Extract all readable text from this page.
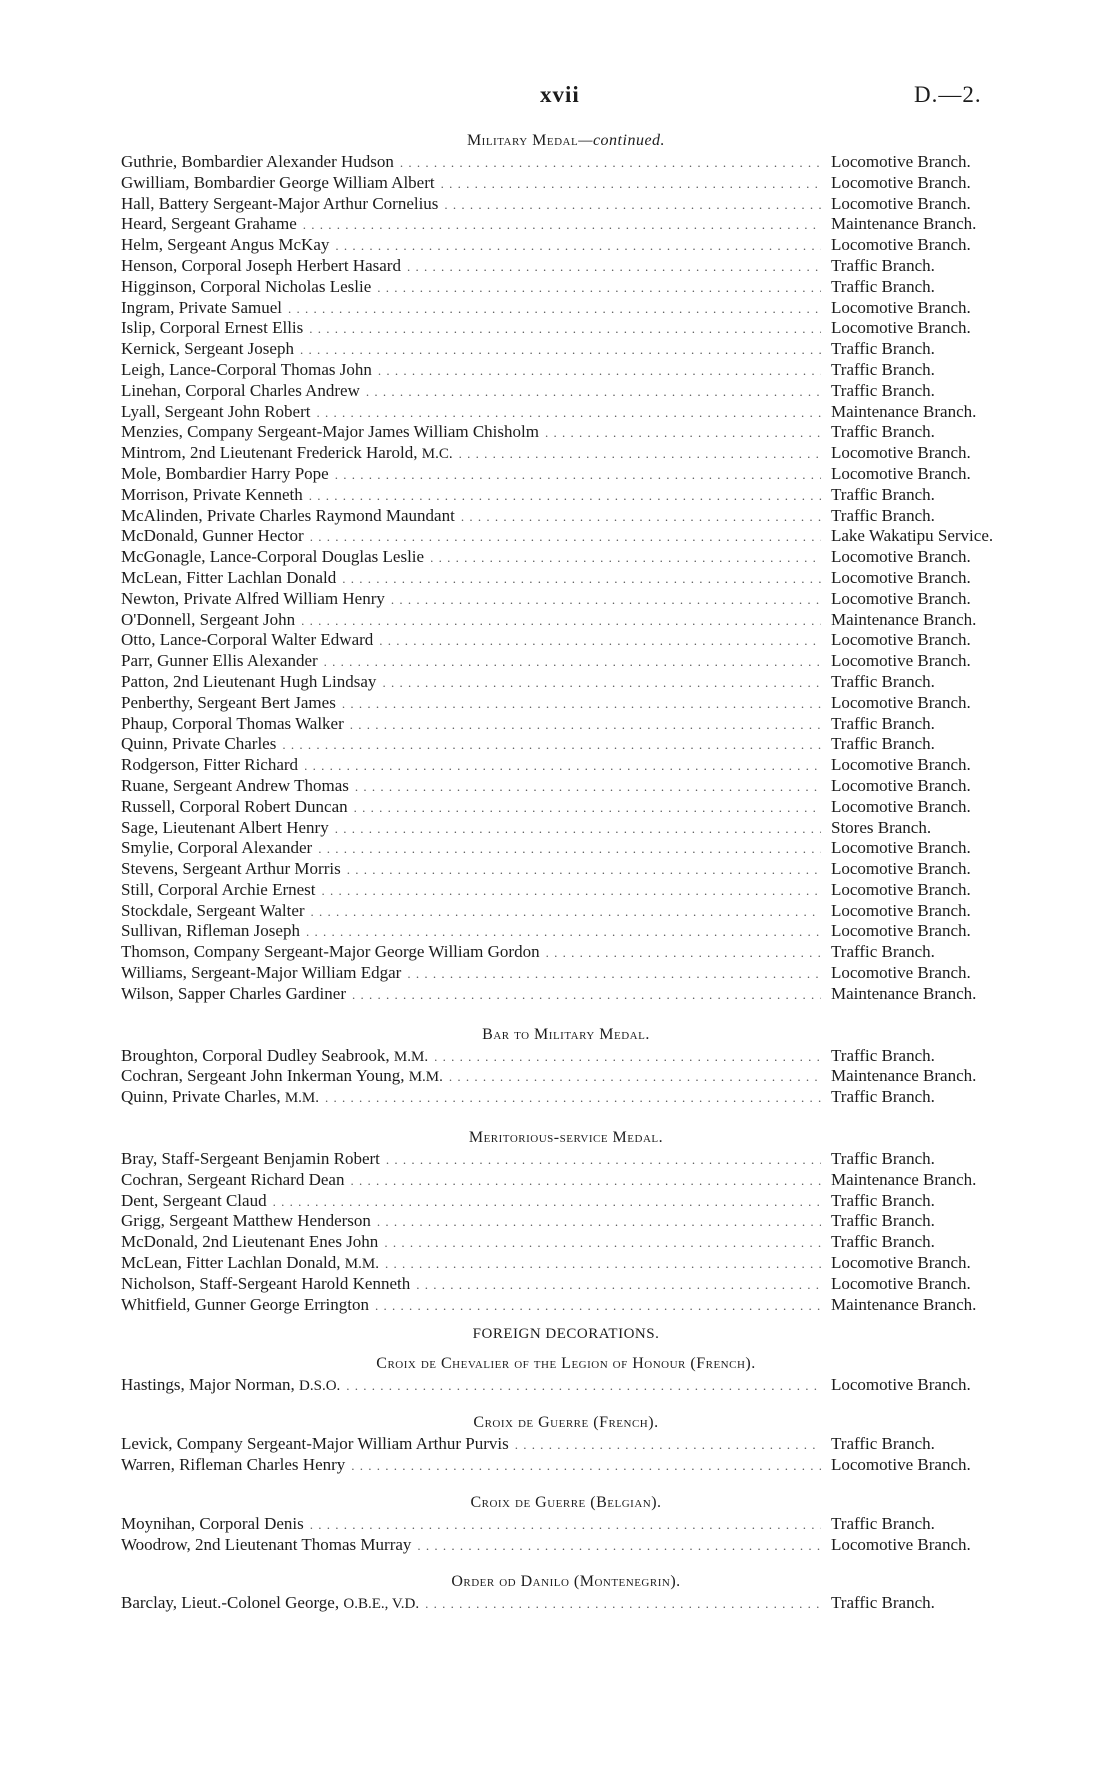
xvii	D.—2.
Military Medal—continued.
Guthrie, Bombardier Alexander Hudson . . .	Locomotive Branch.
Gwilliam, Bombardier George William Albert . . .	Locomotive Branch.
Hall, Battery Sergeant-Major Arthur Cornelius . . .	Locomotive Branch.
Heard, Sergeant Grahame . . .	Maintenance Branch.
Helm, Sergeant Angus McKay . . .	Locomotive Branch.
Henson, Corporal Joseph Herbert Hasard . . .	Traffic Branch.
Higginson, Corporal Nicholas Leslie . . .	Traffic Branch.
Ingram, Private Samuel . . .	Locomotive Branch.
Islip, Corporal Ernest Ellis . . .	Locomotive Branch.
Kernick, Sergeant Joseph . . .	Traffic Branch.
Leigh, Lance-Corporal Thomas John . . .	Traffic Branch.
Linehan, Corporal Charles Andrew . . .	Traffic Branch.
Lyall, Sergeant John Robert . . .	Maintenance Branch.
Menzies, Company Sergeant-Major James William Chisholm . . .	Traffic Branch.
Mintrom, 2nd Lieutenant Frederick Harold, M.C. . . .	Locomotive Branch.
Mole, Bombardier Harry Pope . . .	Locomotive Branch.
Morrison, Private Kenneth . . .	Traffic Branch.
McAlinden, Private Charles Raymond Maundant . . .	Traffic Branch.
McDonald, Gunner Hector . . .	Lake Wakatipu Service.
McGonagle, Lance-Corporal Douglas Leslie . . .	Locomotive Branch.
McLean, Fitter Lachlan Donald . . .	Locomotive Branch.
Newton, Private Alfred William Henry . . .	Locomotive Branch.
O'Donnell, Sergeant John . . .	Maintenance Branch.
Otto, Lance-Corporal Walter Edward . . .	Locomotive Branch.
Parr, Gunner Ellis Alexander . . .	Locomotive Branch.
Patton, 2nd Lieutenant Hugh Lindsay . . .	Traffic Branch.
Penberthy, Sergeant Bert James . . .	Locomotive Branch.
Phaup, Corporal Thomas Walker . . .	Traffic Branch.
Quinn, Private Charles . . .	Traffic Branch.
Rodgerson, Fitter Richard . . .	Locomotive Branch.
Ruane, Sergeant Andrew Thomas . . .	Locomotive Branch.
Russell, Corporal Robert Duncan . . .	Locomotive Branch.
Sage, Lieutenant Albert Henry . . .	Stores Branch.
Smylie, Corporal Alexander . . .	Locomotive Branch.
Stevens, Sergeant Arthur Morris . . .	Locomotive Branch.
Still, Corporal Archie Ernest . . .	Locomotive Branch.
Stockdale, Sergeant Walter . . .	Locomotive Branch.
Sullivan, Rifleman Joseph . . .	Locomotive Branch.
Thomson, Company Sergeant-Major George William Gordon . . .	Traffic Branch.
Williams, Sergeant-Major William Edgar . . .	Locomotive Branch.
Wilson, Sapper Charles Gardiner . . .	Maintenance Branch.
Bar to Military Medal.
Broughton, Corporal Dudley Seabrook, M.M. . . .	Traffic Branch.
Cochran, Sergeant John Inkerman Young, M.M. . . .	Maintenance Branch.
Quinn, Private Charles, M.M. . . .	Traffic Branch.
Meritorious-service Medal.
Bray, Staff-Sergeant Benjamin Robert . . .	Traffic Branch.
Cochran, Sergeant Richard Dean . . .	Maintenance Branch.
Dent, Sergeant Claud . . .	Traffic Branch.
Grigg, Sergeant Matthew Henderson . . .	Traffic Branch.
McDonald, 2nd Lieutenant Enes John . . .	Traffic Branch.
McLean, Fitter Lachlan Donald, M.M. . . .	Locomotive Branch.
Nicholson, Staff-Sergeant Harold Kenneth . . .	Locomotive Branch.
Whitfield, Gunner George Errington . . .	Maintenance Branch.
FOREIGN DECORATIONS.
Croix de Chevalier of the Legion of Honour (French).
Hastings, Major Norman, D.S.O. . . .	Locomotive Branch.
Croix de Guerre (French).
Levick, Company Sergeant-Major William Arthur Purvis . . .	Traffic Branch.
Warren, Rifleman Charles Henry . . .	Locomotive Branch.
Croix de Guerre (Belgian).
Moynihan, Corporal Denis . . .	Traffic Branch.
Woodrow, 2nd Lieutenant Thomas Murray . . .	Locomotive Branch.
Order od Danilo (Montenegrin).
Barclay, Lieut.-Colonel George, O.B.E., V.D. . . .	Traffic Branch.
